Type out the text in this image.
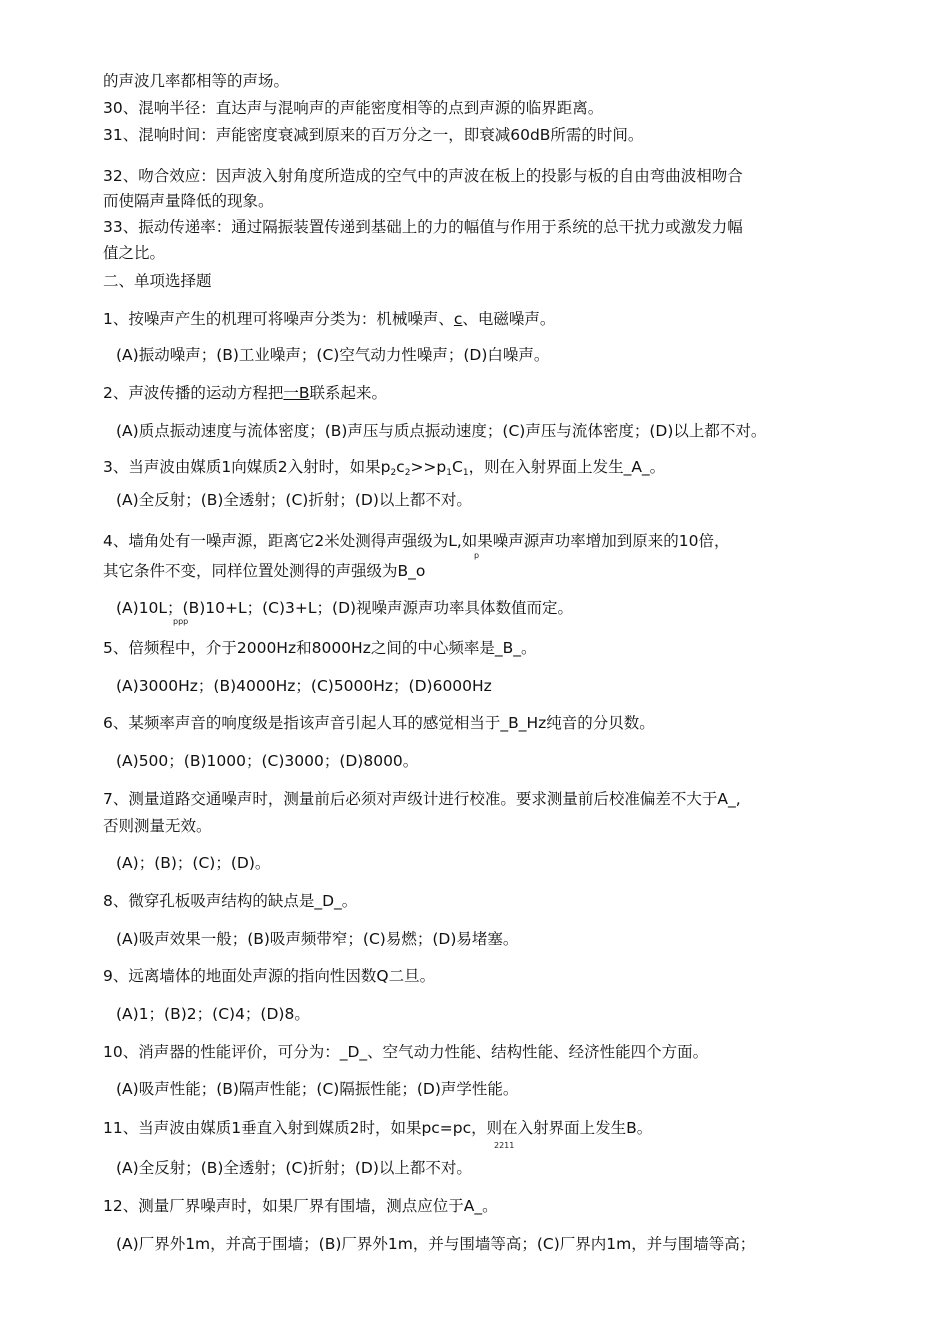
的声波几率都相等的声场。
30、混响半径：直达声与混响声的声能密度相等的点到声源的临界距离。
31、混响时间：声能密度衰减到原来的百万分之一，即衰减60dB所需的时间。
32、吻合效应：因声波入射角度所造成的空气中的声波在板上的投影与板的自由弯曲波相吻合
而使隔声量降低的现象。
33、振动传递率：通过隔振装置传递到基础上的力的幅值与作用于系统的总干扰力或激发力幅
值之比。
二、单项选择题
1、按噪声产生的机理可将噪声分类为：机械噪声、c、电磁噪声。
(A)振动噪声；(B)工业噪声；(C)空气动力性噪声；(D)白噪声。
2、声波传播的运动方程把一B联系起来。
(A)质点振动速度与流体密度；(B)声压与质点振动速度；(C)声压与流体密度；(D)以上都不对。
3、当声波由媒质1向媒质2入射时，如果$p_2c_2>>p_1C_1$，则在入射界面上发生_A_。
(A)全反射；(B)全透射；(C)折射；(D)以上都不对。
4、墙角处有一噪声源，距离它2米处测得声强级为L,如果噪声源声功率增加到原来的10倍，
其它条件不变，同样位置处测得的声强级为B_o
p
(A)10L；(B)10+L；(C)3+L；(D)视噪声源声功率具体数值而定。
ppp
5、倍频程中，介于2000Hz和8000Hz之间的中心频率是_B_。
(A)3000Hz；(B)4000Hz；(C)5000Hz；(D)6000Hz
6、某频率声音的响度级是指该声音引起人耳的感觉相当于_B_Hz纯音的分贝数。
(A)500；(B)1000；(C)3000；(D)8000。
7、测量道路交通噪声时，测量前后必须对声级计进行校准。要求测量前后校准偏差不大于A_,
否则测量无效。
(A)；(B)；(C)；(D)。
8、微穿孔板吸声结构的缺点是_D_。
(A)吸声效果一般；(B)吸声频带窄；(C)易燃；(D)易堵塞。
9、远离墙体的地面处声源的指向性因数Q二旦。
(A)1；(B)2；(C)4；(D)8。
10、消声器的性能评价，可分为：_D_、空气动力性能、结构性能、经济性能四个方面。
(A)吸声性能；(B)隔声性能；(C)隔振性能；(D)声学性能。
11、当声波由媒质1垂直入射到媒质2时，如果pc=pc，则在入射界面上发生B。
2211
(A)全反射；(B)全透射；(C)折射；(D)以上都不对。
12、测量厂界噪声时，如果厂界有围墙，测点应位于A_。
(A)厂界外1m，并高于围墙；(B)厂界外1m，并与围墙等高；(C)厂界内1m，并与围墙等高；
